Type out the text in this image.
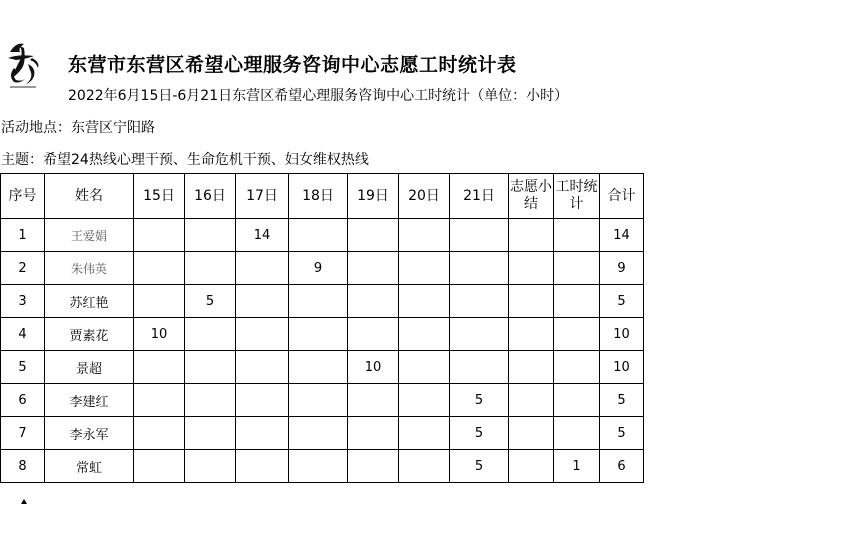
东营市东营区希望心理服务咨询中心志愿工时统计表
2022年6月15日-6月21日东营区希望心理服务咨询中心工时统计（单位：小时）
活动地点：东营区宁阳路
主题：希望24热线心理干预、生命危机干预、妇女维权热线
序号	姓名	15日	16日	17日	18日	19日	20日	21日	志愿小结	工时统计	合计
1	王爱娟			14							14
2	朱伟英				9						9
3	苏红艳		5								5
4	贾素花	10									10
5	景超					10					10
6	李建红							5			5
7	李永军							5			5
8	常虹							5		1	6
